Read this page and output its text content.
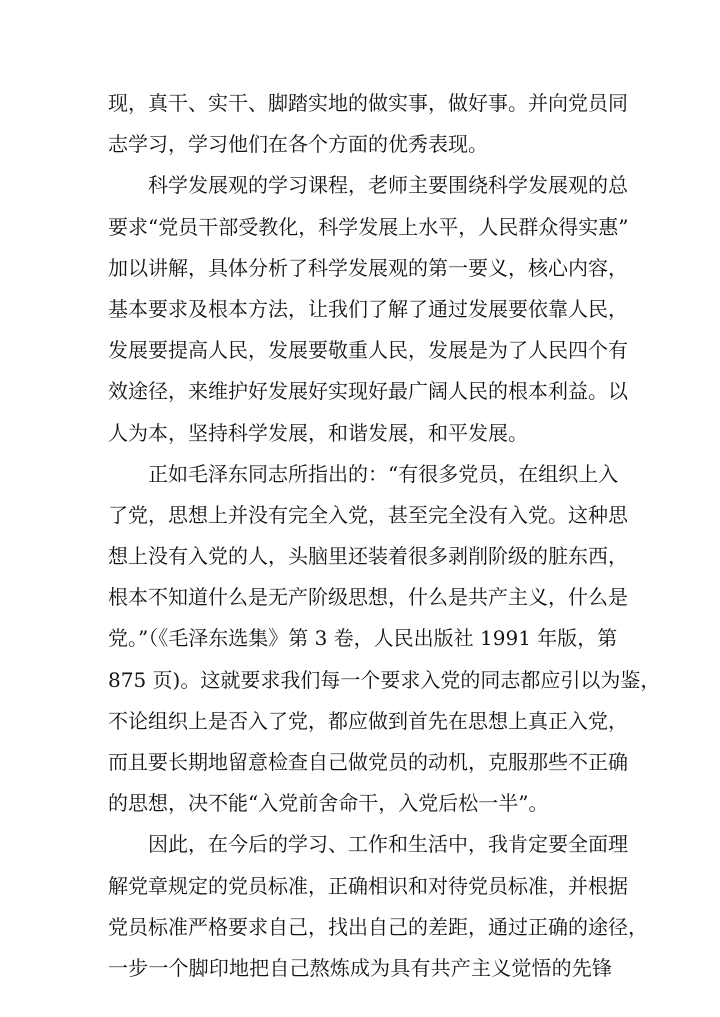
现，真干、实干、脚踏实地的做实事，做好事。并向党员同
志学习，学习他们在各个方面的优秀表现。
科学发展观的学习课程，老师主要围绕科学发展观的总
要求“党员干部受教化，科学发展上水平，人民群众得实惠”
加以讲解，具体分析了科学发展观的第一要义，核心内容，
基本要求及根本方法，让我们了解了通过发展要依靠人民，
发展要提高人民，发展要敬重人民，发展是为了人民四个有
效途径，来维护好发展好实现好最广阔人民的根本利益。以
人为本，坚持科学发展，和谐发展，和平发展。
正如毛泽东同志所指出的：“有很多党员，在组织上入
了党，思想上并没有完全入党，甚至完全没有入党。这种思
想上没有入党的人，头脑里还装着很多剥削阶级的脏东西，
根本不知道什么是无产阶级思想，什么是共产主义，什么是
党。”（《毛泽东选集》第 3 卷，人民出版社 1991 年版，第
875 页)。这就要求我们每一个要求入党的同志都应引以为鉴，
不论组织上是否入了党，都应做到首先在思想上真正入党，
而且要长期地留意检查自己做党员的动机，克服那些不正确
的思想，决不能“入党前舍命干，入党后松一半”。
因此，在今后的学习、工作和生活中，我肯定要全面理
解党章规定的党员标准，正确相识和对待党员标准，并根据
党员标准严格要求自己，找出自己的差距，通过正确的途径，
一步一个脚印地把自己熬炼成为具有共产主义觉悟的先锋
